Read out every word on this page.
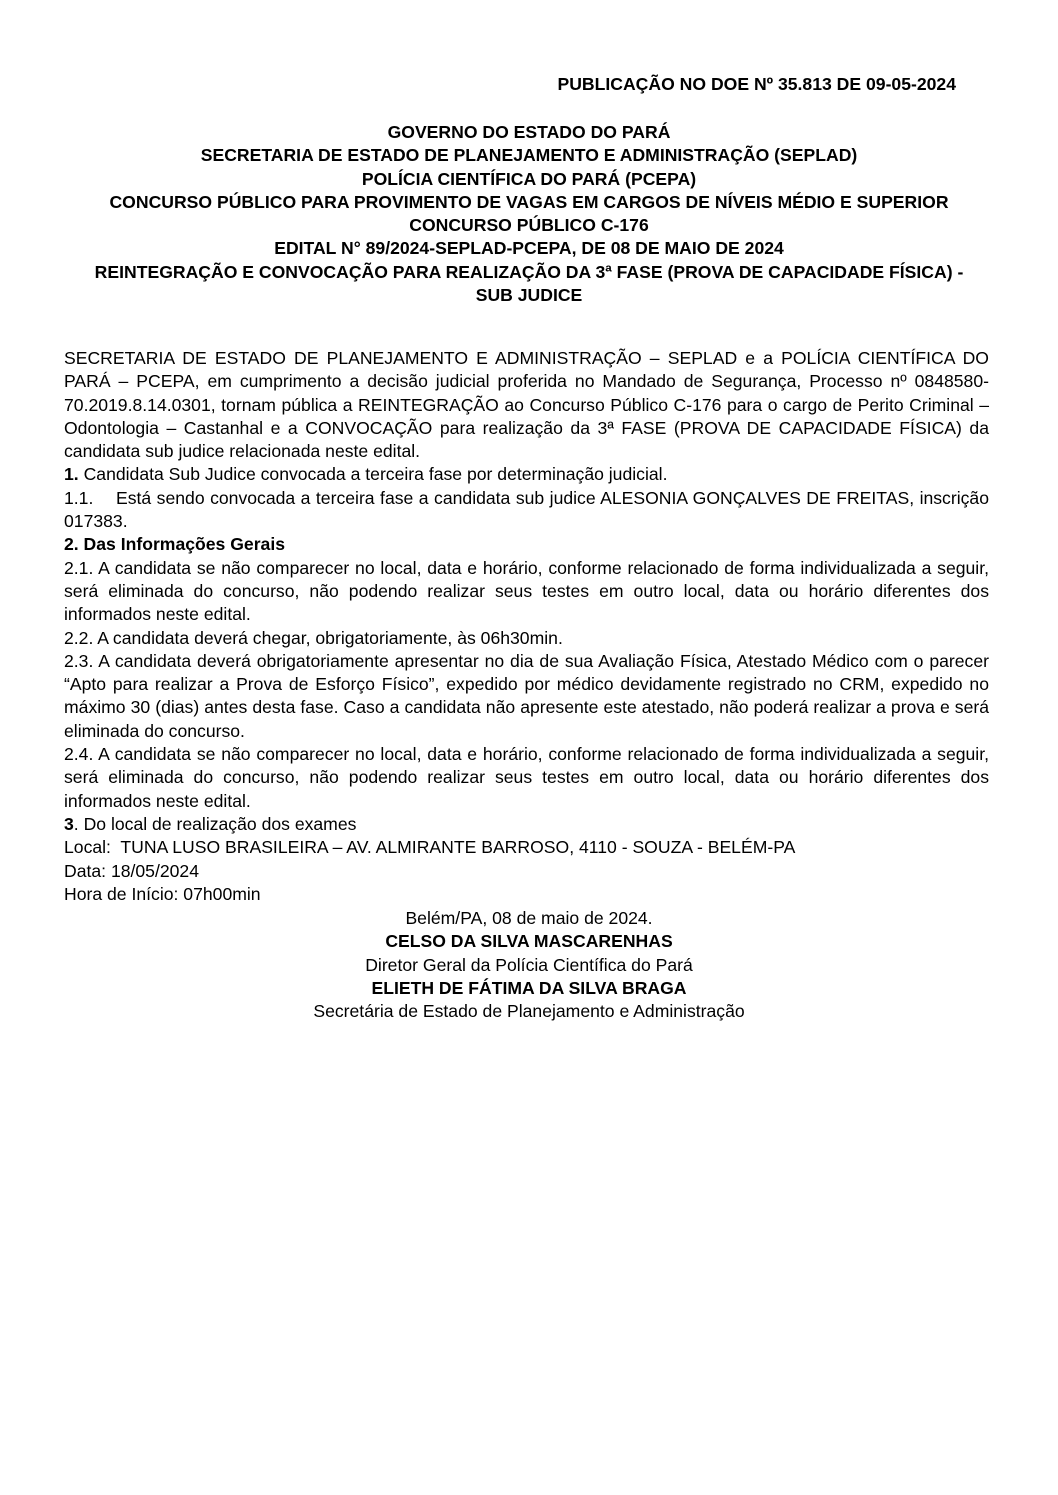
PUBLICAÇÃO NO DOE Nº 35.813 DE 09-05-2024
GOVERNO DO ESTADO DO PARÁ
SECRETARIA DE ESTADO DE PLANEJAMENTO E ADMINISTRAÇÃO (SEPLAD)
POLÍCIA CIENTÍFICA DO PARÁ (PCEPA)
CONCURSO PÚBLICO PARA PROVIMENTO DE VAGAS EM CARGOS DE NÍVEIS MÉDIO E SUPERIOR
CONCURSO PÚBLICO C-176
EDITAL N° 89/2024-SEPLAD-PCEPA, DE 08 DE MAIO DE 2024
REINTEGRAÇÃO E CONVOCAÇÃO PARA REALIZAÇÃO DA 3ª FASE (PROVA DE CAPACIDADE FÍSICA) - SUB JUDICE

SECRETARIA DE ESTADO DE PLANEJAMENTO E ADMINISTRAÇÃO – SEPLAD e a POLÍCIA CIENTÍFICA DO PARÁ – PCEPA, em cumprimento a decisão judicial proferida no Mandado de Segurança, Processo nº 0848580-70.2019.8.14.0301, tornam pública a REINTEGRAÇÃO ao Concurso Público C-176 para o cargo de Perito Criminal – Odontologia – Castanhal e a CONVOCAÇÃO para realização da 3ª FASE (PROVA DE CAPACIDADE FÍSICA) da candidata sub judice relacionada neste edital.

1. Candidata Sub Judice convocada a terceira fase por determinação judicial.

1.1. Está sendo convocada a terceira fase a candidata sub judice ALESONIA GONÇALVES DE FREITAS, inscrição 017383.

2. Das Informações Gerais

2.1. A candidata se não comparecer no local, data e horário, conforme relacionado de forma individualizada a seguir, será eliminada do concurso, não podendo realizar seus testes em outro local, data ou horário diferentes dos informados neste edital.

2.2. A candidata deverá chegar, obrigatoriamente, às 06h30min.

2.3. A candidata deverá obrigatoriamente apresentar no dia de sua Avaliação Física, Atestado Médico com o parecer “Apto para realizar a Prova de Esforço Físico”, expedido por médico devidamente registrado no CRM, expedido no máximo 30 (dias) antes desta fase. Caso a candidata não apresente este atestado, não poderá realizar a prova e será eliminada do concurso.

2.4. A candidata se não comparecer no local, data e horário, conforme relacionado de forma individualizada a seguir, será eliminada do concurso, não podendo realizar seus testes em outro local, data ou horário diferentes dos informados neste edital.

3. Do local de realização dos exames

Local:  TUNA LUSO BRASILEIRA – AV. ALMIRANTE BARROSO, 4110 - SOUZA - BELÉM-PA

Data: 18/05/2024

Hora de Início: 07h00min

Belém/PA, 08 de maio de 2024.

CELSO DA SILVA MASCARENHAS

Diretor Geral da Polícia Científica do Pará

ELIETH DE FÁTIMA DA SILVA BRAGA

Secretária de Estado de Planejamento e Administração
